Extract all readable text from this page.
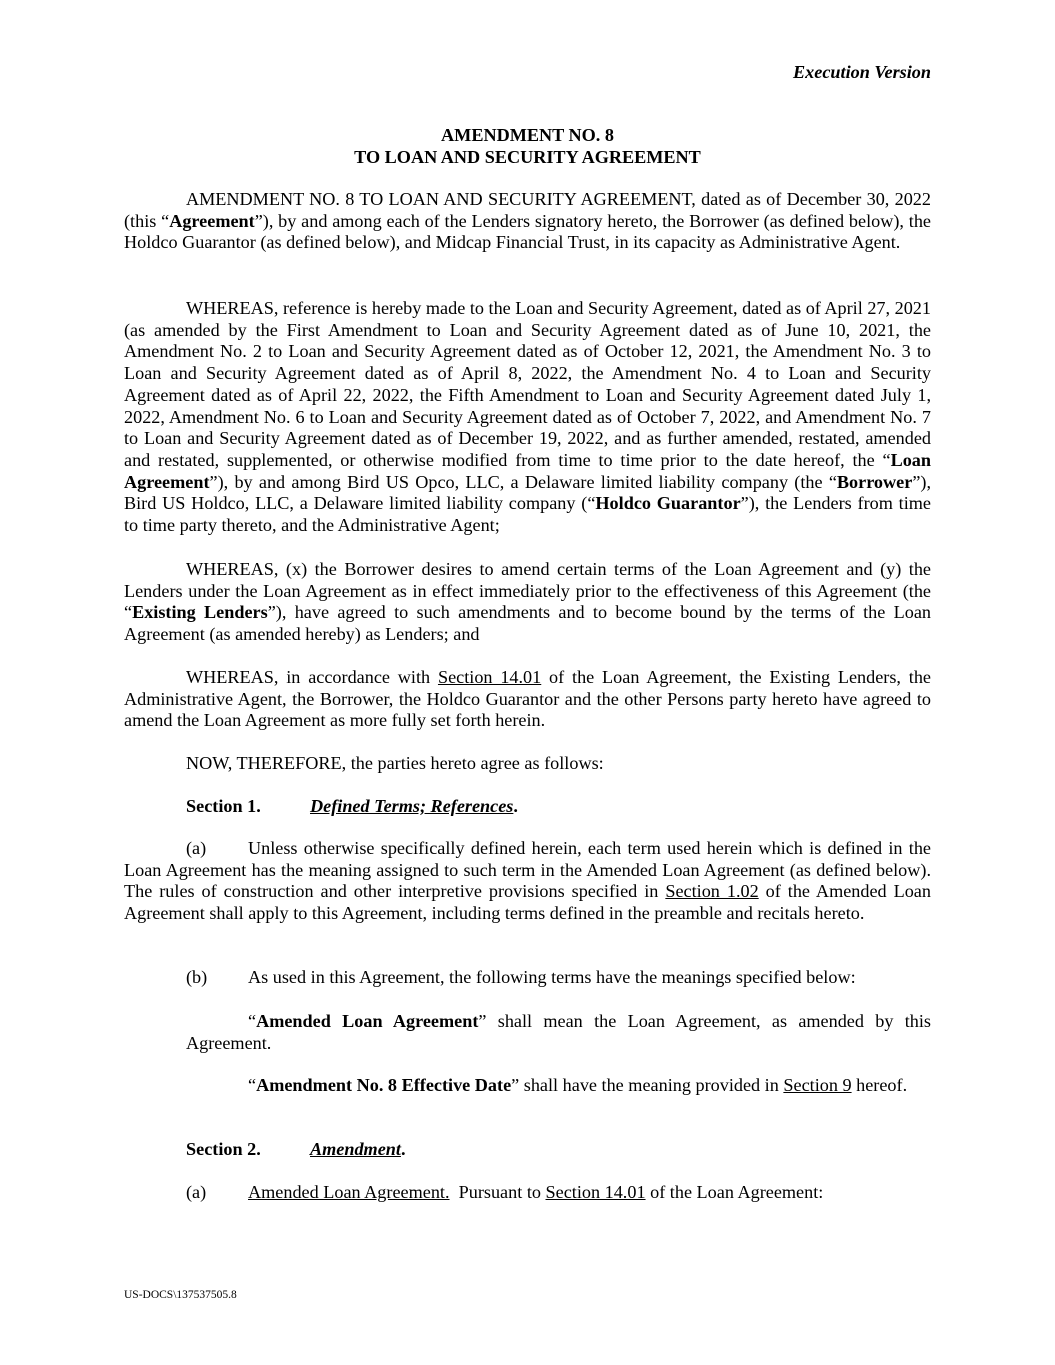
Execution Version
AMENDMENT NO. 8
TO LOAN AND SECURITY AGREEMENT
AMENDMENT NO. 8 TO LOAN AND SECURITY AGREEMENT, dated as of December 30, 2022 (this “Agreement”), by and among each of the Lenders signatory hereto, the Borrower (as defined below), the Holdco Guarantor (as defined below), and Midcap Financial Trust, in its capacity as Administrative Agent.
WHEREAS, reference is hereby made to the Loan and Security Agreement, dated as of April 27, 2021 (as amended by the First Amendment to Loan and Security Agreement dated as of June 10, 2021, the Amendment No. 2 to Loan and Security Agreement dated as of October 12, 2021, the Amendment No. 3 to Loan and Security Agreement dated as of April 8, 2022, the Amendment No. 4 to Loan and Security Agreement dated as of April 22, 2022, the Fifth Amendment to Loan and Security Agreement dated July 1, 2022, Amendment No. 6 to Loan and Security Agreement dated as of October 7, 2022, and Amendment No. 7 to Loan and Security Agreement dated as of December 19, 2022, and as further amended, restated, amended and restated, supplemented, or otherwise modified from time to time prior to the date hereof, the “Loan Agreement”), by and among Bird US Opco, LLC, a Delaware limited liability company (the “Borrower”), Bird US Holdco, LLC, a Delaware limited liability company (“Holdco Guarantor”), the Lenders from time to time party thereto, and the Administrative Agent;
WHEREAS, (x) the Borrower desires to amend certain terms of the Loan Agreement and (y) the Lenders under the Loan Agreement as in effect immediately prior to the effectiveness of this Agreement (the “Existing Lenders”), have agreed to such amendments and to become bound by the terms of the Loan Agreement (as amended hereby) as Lenders; and
WHEREAS, in accordance with Section 14.01 of the Loan Agreement, the Existing Lenders, the Administrative Agent, the Borrower, the Holdco Guarantor and the other Persons party hereto have agreed to amend the Loan Agreement as more fully set forth herein.
NOW, THEREFORE, the parties hereto agree as follows:
Section 1.	Defined Terms; References.
(a) Unless otherwise specifically defined herein, each term used herein which is defined in the Loan Agreement has the meaning assigned to such term in the Amended Loan Agreement (as defined below). The rules of construction and other interpretive provisions specified in Section 1.02 of the Amended Loan Agreement shall apply to this Agreement, including terms defined in the preamble and recitals hereto.
(b) As used in this Agreement, the following terms have the meanings specified below:
“Amended Loan Agreement” shall mean the Loan Agreement, as amended by this Agreement.
“Amendment No. 8 Effective Date” shall have the meaning provided in Section 9 hereof.
Section 2.	Amendment.
(a) Amended Loan Agreement.  Pursuant to Section 14.01 of the Loan Agreement:
US-DOCS\137537505.8
